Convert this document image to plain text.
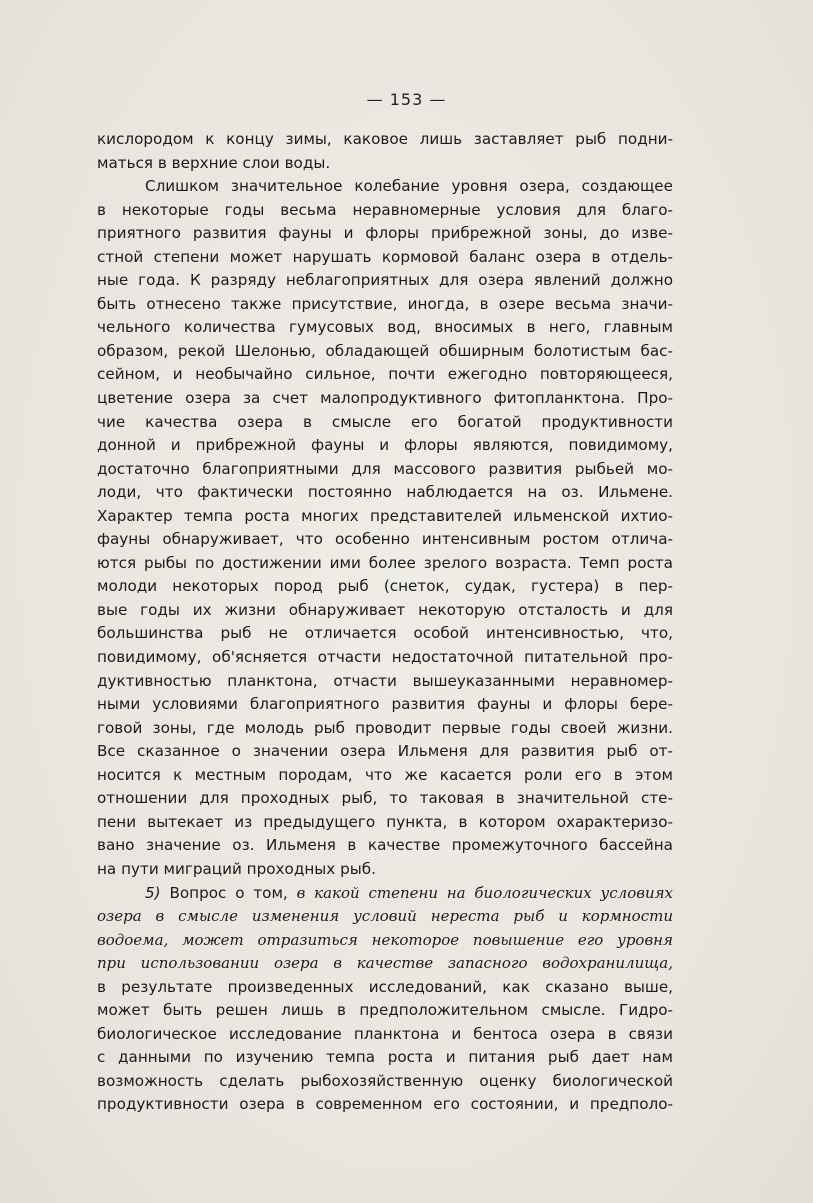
— 153 —
кислородом к концу зимы, каковое лишь заставляет рыб подни-
маться в верхние слои воды.
Слишком значительное колебание уровня озера, создающее
в некоторые годы весьма неравномерные условия для благо-
приятного развития фауны и флоры прибрежной зоны, до изве-
стной степени может нарушать кормовой баланс озера в отдель-
ные года. К разряду неблагоприятных для озера явлений должно
быть отнесено также присутствие, иногда, в озере весьма значи-
чельного количества гумусовых вод, вносимых в него, главным
образом, рекой Шелонью, обладающей обширным болотистым бас-
сейном, и необычайно сильное, почти ежегодно повторяющееся,
цветение озера за счет малопродуктивного фитопланктона. Про-
чие качества озера в смысле его богатой продуктивности
донной и прибрежной фауны и флоры являются, повидимому,
достаточно благоприятными для массового развития рыбьей мо-
лоди, что фактически постоянно наблюдается на оз. Ильмене.
Характер темпа роста многих представителей ильменской ихтио-
фауны обнаруживает, что особенно интенсивным ростом отлича-
ются рыбы по достижении ими более зрелого возраста. Темп роста
молоди некоторых пород рыб (снеток, судак, густера) в пер-
вые годы их жизни обнаруживает некоторую отсталость и для
большинства рыб не отличается особой интенсивностью, что,
повидимому, об'ясняется отчасти недостаточной питательной про-
дуктивностью планктона, отчасти вышеуказанными неравномер-
ными условиями благоприятного развития фауны и флоры бере-
говой зоны, где молодь рыб проводит первые годы своей жизни.
Все сказанное о значении озера Ильменя для развития рыб от-
носится к местным породам, что же касается роли его в этом
отношении для проходных рыб, то таковая в значительной сте-
пени вытекает из предыдущего пункта, в котором охарактеризо-
вано значение оз. Ильменя в качестве промежуточного бассейна
на пути миграций проходных рыб.
5) Вопрос о том, в какой степени на биологических условиях
озера в смысле изменения условий нереста рыб и кормности
водоема, может отразиться некоторое повышение его уровня
при использовании озера в качестве запасного водохранилища,
в результате произведенных исследований, как сказано выше,
может быть решен лишь в предположительном смысле. Гидро-
биологическое исследование планктона и бентоса озера в связи
с данными по изучению темпа роста и питания рыб дает нам
возможность сделать рыбохозяйственную оценку биологической
продуктивности озера в современном его состоянии, и предполо-
